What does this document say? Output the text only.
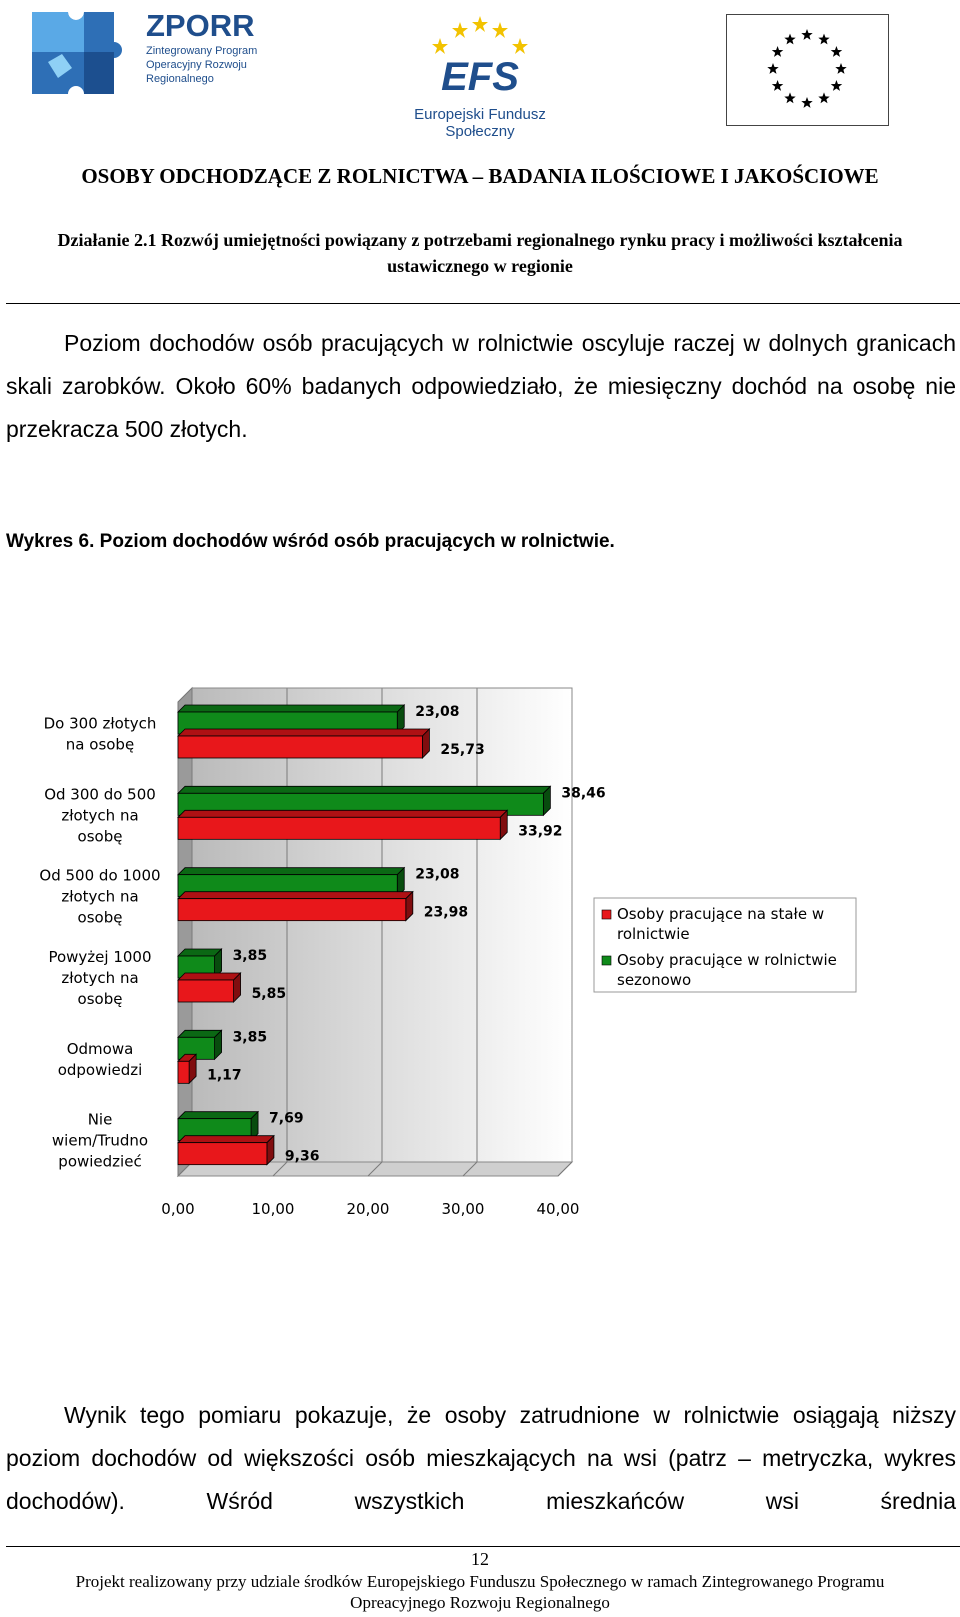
ZPORR
Zintegrowany Program Operacyjny Rozwoju Regionalnego	EFS
Europejski Fundusz Społeczny
OSOBY ODCHODZĄCE Z ROLNICTWA – BADANIA ILOŚCIOWE I JAKOŚCIOWE
Działanie 2.1 Rozwój umiejętności powiązany z potrzebami regionalnego rynku pracy i możliwości kształcenia ustawicznego w regionie
Poziom dochodów osób pracujących w rolnictwie oscyluje raczej w dolnych granicach skali zarobków. Około 60% badanych odpowiedziało, że miesięczny dochód na osobę nie przekracza 500 złotych.
Wykres 6. Poziom dochodów wśród osób pracujących w rolnictwie.
0,00	10,00	20,00	30,00	40,00
23,08
25,73
Do 300 złotych
na osobę
38,46
33,92
Od 300 do 500
złotych na
osobę
23,08
23,98
Od 500 do 1000
złotych na
osobę
3,85
5,85
Powyżej 1000
złotych na
osobę
3,85
1,17
Odmowa
odpowiedzi
7,69
9,36
Nie
wiem/Trudno
powiedzieć
Osoby pracujące na stałe w
rolnictwie
Osoby pracujące w rolnictwie
sezonowo
Wynik tego pomiaru pokazuje, że osoby zatrudnione w rolnictwie osiągają niższy poziom dochodów od większości osób mieszkających na wsi (patrz – metryczka, wykres dochodów). Wśród wszystkich mieszkańców wsi średnia
12
Projekt realizowany przy udziale środków Europejskiego Funduszu Społecznego w ramach Zintegrowanego Programu
Opreacyjnego Rozwoju Regionalnego
